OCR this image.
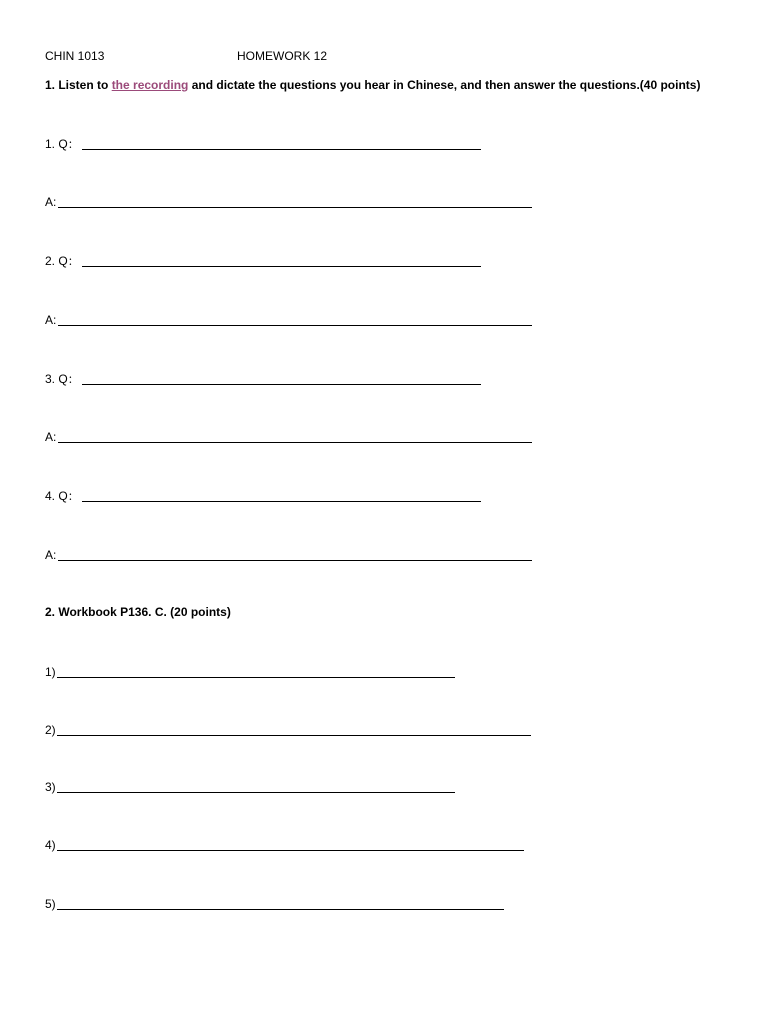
CHIN 1013	HOMEWORK 12
1. Listen to the recording and dictate the questions you hear in Chinese, and then answer the questions.(40 points)
1. Q：
A:
2. Q：
A:
3. Q：
A:
4. Q：
A:
2. Workbook P136. C. (20 points)
1)
2)
3)
4)
5)
